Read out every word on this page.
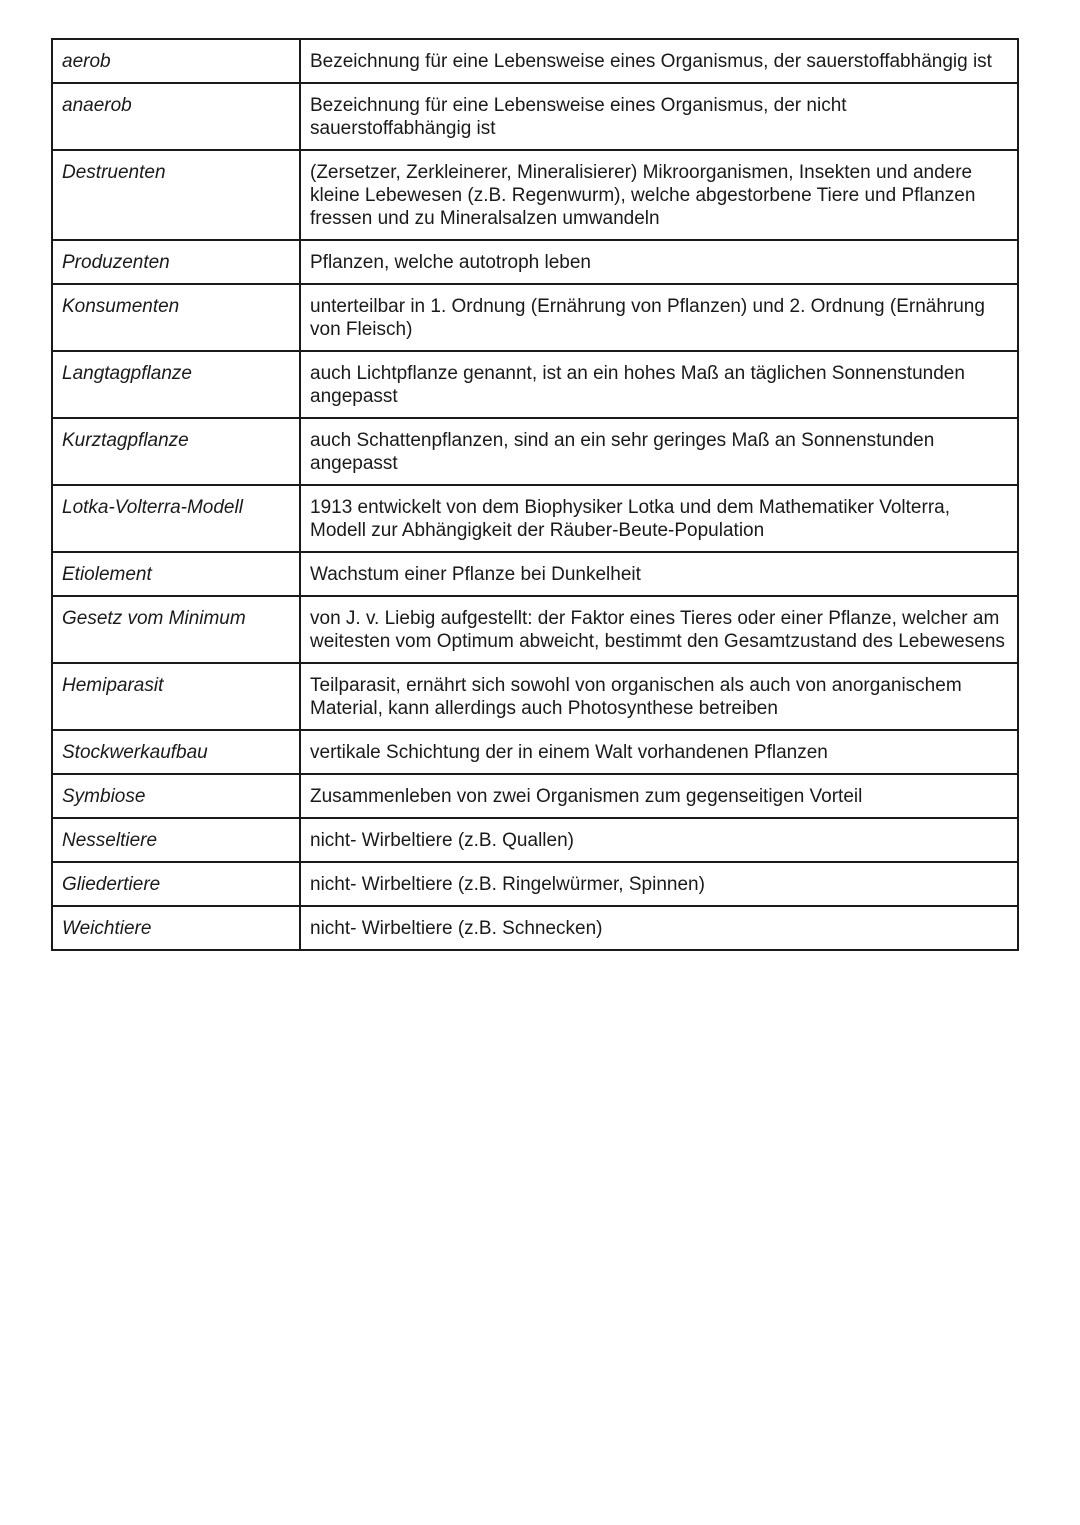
aerob	Bezeichnung für eine Lebensweise eines Organismus, der sauerstoffabhängig ist
anaerob	Bezeichnung für eine Lebensweise eines Organismus, der nicht sauerstoffabhängig ist
Destruenten	(Zersetzer, Zerkleinerer, Mineralisierer) Mikroorganismen, Insekten und andere kleine Lebewesen (z.B. Regenwurm), welche abgestorbene Tiere und Pflanzen fressen und zu Mineralsalzen umwandeln
Produzenten	Pflanzen, welche autotroph leben
Konsumenten	unterteilbar in 1. Ordnung (Ernährung von Pflanzen) und 2. Ordnung (Ernährung von Fleisch)
Langtagpflanze	auch Lichtpflanze genannt, ist an ein hohes Maß an täglichen Sonnenstunden angepasst
Kurztagpflanze	auch Schattenpflanzen, sind an ein sehr geringes Maß an Sonnenstunden angepasst
Lotka-Volterra-Modell	1913 entwickelt von dem Biophysiker Lotka und dem Mathematiker Volterra, Modell zur Abhängigkeit der Räuber-Beute-Population
Etiolement	Wachstum einer Pflanze bei Dunkelheit
Gesetz vom Minimum	von J. v. Liebig aufgestellt: der Faktor eines Tieres oder einer Pflanze, welcher am weitesten vom Optimum abweicht, bestimmt den Gesamtzustand des Lebewesens
Hemiparasit	Teilparasit, ernährt sich sowohl von organischen als auch von anorganischem Material, kann allerdings auch Photosynthese betreiben
Stockwerkaufbau	vertikale Schichtung der in einem Walt vorhandenen Pflanzen
Symbiose	Zusammenleben von zwei Organismen zum gegenseitigen Vorteil
Nesseltiere	nicht- Wirbeltiere (z.B. Quallen)
Gliedertiere	nicht- Wirbeltiere (z.B. Ringelwürmer, Spinnen)
Weichtiere	nicht- Wirbeltiere (z.B. Schnecken)
